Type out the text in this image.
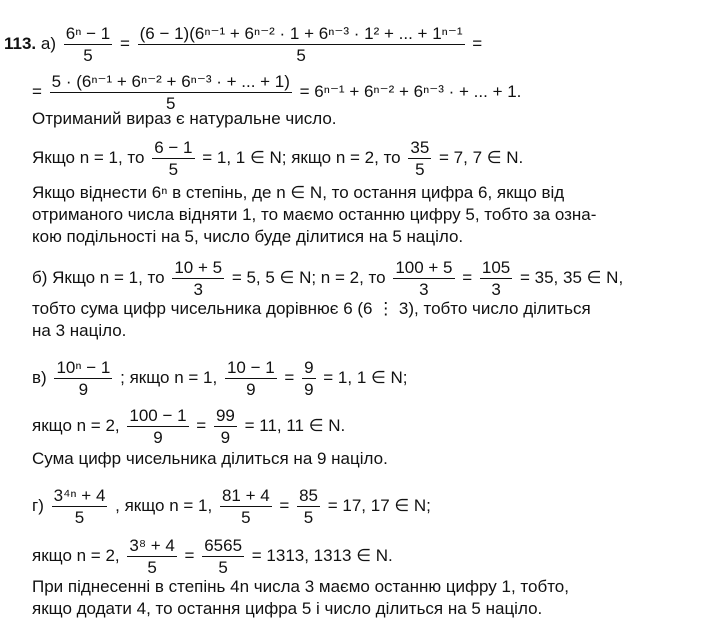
113. $а) \frac{\text{6ⁿ − 1}}{5} = \frac{\text{(6 − 1)(6ⁿ⁻¹ + 6ⁿ⁻² · 1 + 6ⁿ⁻³ · 1² + ... + 1ⁿ⁻¹}}{5}$ =
= $\frac{\text{5 · (6ⁿ⁻¹ + 6ⁿ⁻² + 6ⁿ⁻³ · + ... + 1)}}{5} = 6^{n-1} + 6^{n-2} + 6^{n-3}$ · + ... + 1.
Отриманий вираз є натуральне число.
Якщо n = 1, то $\frac{6 - 1}{5} = 1$, 1 ∈ N; якщо n = 2, то $\frac{35}{5} = 7$, 7 ∈ N.
Якщо віднести 6ⁿ в степінь, де n ∈ N, то остання цифра 6, якщо від
отриманого числа відняти 1, то маємо останню цифру 5, тобто за озна-
кою подільності на 5, число буде ділитися на 5 націло.
б) Якщо n = 1, то $\frac{10 + 5}{3} = 5$, 5 ∈ N; n = 2, то $\frac{100 + 5}{3} = \frac{105}{3} = 35$, 35 ∈ N,
тобто сума цифр чисельника дорівнює 6 (6 ⋮ 3), тобто число ділиться
на 3 націло.
$в) \frac{\text{10ⁿ − 1}}{9}$ ; якщо n = 1, $\frac{10 - 1}{9} = \frac{9}{9} = 1$, 1 ∈ N;
якщо n = 2, $\frac{100 - 1}{9} = \frac{99}{9} = 11$, 11 ∈ N.
Сума цифр чисельника ділиться на 9 націло.
$г) \frac{\text{3⁴ⁿ + 4}}{5}$ , якщо n = 1, $\frac{81 + 4}{5} = \frac{85}{5} = 17$, 17 ∈ N;
якщо n = 2, $\frac{\text{3⁸ + 4}}{5} = \frac{6565}{5} = 1313$, 1313 ∈ N.
При піднесенні в степінь 4n числа 3 маємо останню цифру 1, тобто,
якщо додати 4, то остання цифра 5 і число ділиться на 5 націло.
